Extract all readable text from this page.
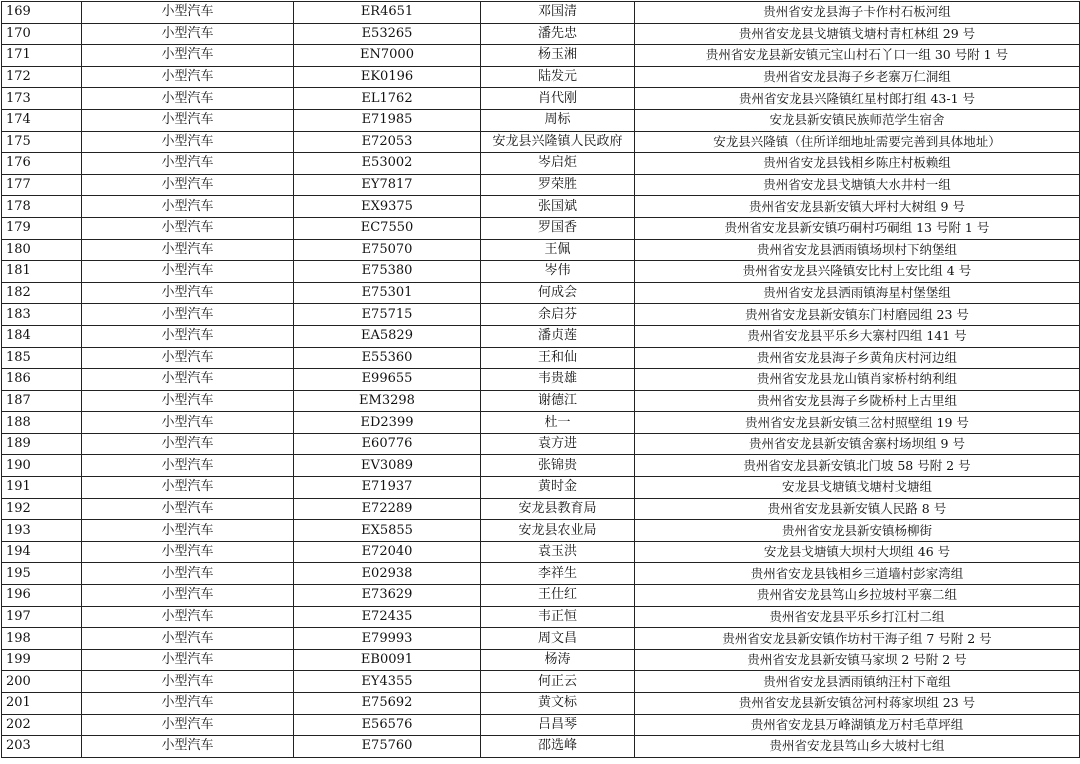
169	小型汽车	ER4651	邓国清	贵州省安龙县海子卡作村石板河组
170	小型汽车	E53265	潘先忠	贵州省安龙县戈塘镇戈塘村青杠林组 29 号
171	小型汽车	EN7000	杨玉湘	贵州省安龙县新安镇元宝山村石丫口一组 30 号附 1 号
172	小型汽车	EK0196	陆发元	贵州省安龙县海子乡老寨万仁洞组
173	小型汽车	EL1762	肖代刚	贵州省安龙县兴隆镇红星村郎打组 43-1 号
174	小型汽车	E71985	周标	安龙县新安镇民族师范学生宿舍
175	小型汽车	E72053	安龙县兴隆镇人民政府	安龙县兴隆镇（住所详细地址需要完善到具体地址）
176	小型汽车	E53002	岑启炬	贵州省安龙县钱相乡陈庄村板赖组
177	小型汽车	EY7817	罗荣胜	贵州省安龙县戈塘镇大水井村一组
178	小型汽车	EX9375	张国斌	贵州省安龙县新安镇大坪村大树组 9 号
179	小型汽车	EC7550	罗国香	贵州省安龙县新安镇巧硐村巧硐组 13 号附 1 号
180	小型汽车	E75070	王佩	贵州省安龙县洒雨镇场坝村下纳堡组
181	小型汽车	E75380	岑伟	贵州省安龙县兴隆镇安比村上安比组 4 号
182	小型汽车	E75301	何成会	贵州省安龙县洒雨镇海星村堡堡组
183	小型汽车	E75715	余启芬	贵州省安龙县新安镇东门村磨园组 23 号
184	小型汽车	EA5829	潘贞莲	贵州省安龙县平乐乡大寨村四组 141 号
185	小型汽车	E55360	王和仙	贵州省安龙县海子乡黄角庆村河边组
186	小型汽车	E99655	韦贵雄	贵州省安龙县龙山镇肖家桥村纳利组
187	小型汽车	EM3298	谢德江	贵州省安龙县海子乡陇桥村上古里组
188	小型汽车	ED2399	杜一	贵州省安龙县新安镇三岔村照壁组 19 号
189	小型汽车	E60776	袁方进	贵州省安龙县新安镇舍寨村场坝组 9 号
190	小型汽车	EV3089	张锦贵	贵州省安龙县新安镇北门坡 58 号附 2 号
191	小型汽车	E71937	黄时金	安龙县戈塘镇戈塘村戈塘组
192	小型汽车	E72289	安龙县教育局	贵州省安龙县新安镇人民路 8 号
193	小型汽车	EX5855	安龙县农业局	贵州省安龙县新安镇杨柳街
194	小型汽车	E72040	袁玉洪	安龙县戈塘镇大坝村大坝组 46 号
195	小型汽车	E02938	李祥生	贵州省安龙县钱相乡三道墙村彭家湾组
196	小型汽车	E73629	王仕红	贵州省安龙县笃山乡拉坡村平寨二组
197	小型汽车	E72435	韦正恒	贵州省安龙县平乐乡打江村二组
198	小型汽车	E79993	周文昌	贵州省安龙县新安镇作坊村干海子组 7 号附 2 号
199	小型汽车	EB0091	杨涛	贵州省安龙县新安镇马家坝 2 号附 2 号
200	小型汽车	EY4355	何正云	贵州省安龙县洒雨镇纳汪村下竜组
201	小型汽车	E75692	黄文标	贵州省安龙县新安镇岔河村蒋家坝组 23 号
202	小型汽车	E56576	吕昌琴	贵州省安龙县万峰湖镇龙万村毛草坪组
203	小型汽车	E75760	邵选峰	贵州省安龙县笃山乡大坡村七组
